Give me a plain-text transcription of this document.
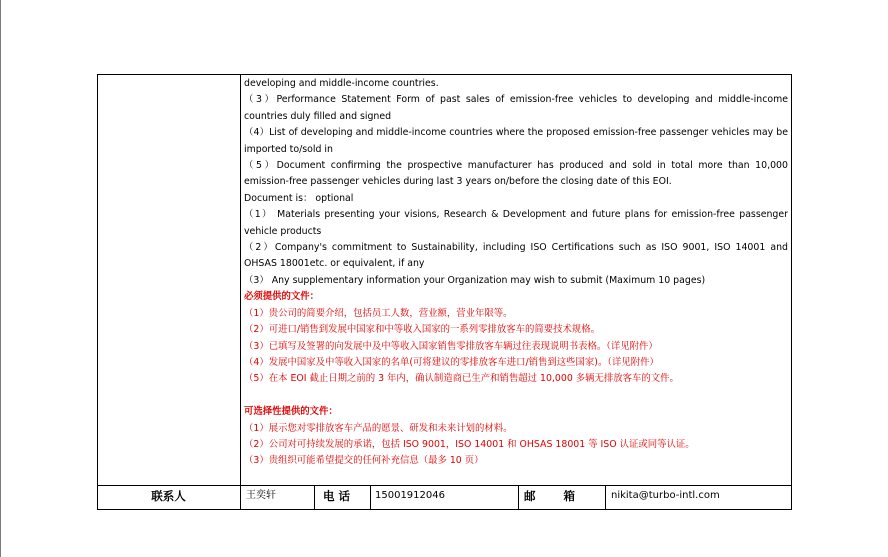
developing and middle-income countries.

（3）Performance Statement Form of past sales of emission-free vehicles to developing and middle-income countries duly filled and signed

（4）List of developing and middle-income countries where the proposed emission-free passenger vehicles may be imported to/sold in

（5）Document confirming the prospective manufacturer has produced and sold in total more than 10,000 emission-free passenger vehicles during last 3 years on/before the closing date of this EOI.

Document is： optional

（1） Materials presenting your visions, Research & Development and future plans for emission-free passenger vehicle products

（2）Company's commitment to Sustainability, including ISO Certifications such as ISO 9001, ISO 14001 and OHSAS 18001etc. or equivalent, if any

（3） Any supplementary information your Organization may wish to submit (Maximum 10 pages)

必须提供的文件：

（1）贵公司的简要介绍，包括员工人数，营业额，营业年限等。

（2）可进口/销售到发展中国家和中等收入国家的一系列零排放客车的简要技术规格。

（3）已填写及签署的向发展中及中等收入国家销售零排放客车辆过往表现说明书表格。（详见附件）

（4）发展中国家及中等收入国家的名单(可将建议的零排放客车进口/销售到这些国家)。（详见附件）

（5）在本 EOI 截止日期之前的 3 年内，确认制造商已生产和销售超过 10,000 多辆无排放客车的文件。

可选择性提供的文件：

（1）展示您对零排放客车产品的愿景、研发和未来计划的材料。

（2）公司对可持续发展的承诺，包括 ISO 9001，ISO 14001 和 OHSAS 18001 等 ISO 认证或同等认证。

（3）贵组织可能希望提交的任何补充信息（最多 10 页）

联系人	王奕轩	电 话 15001912046	邮       箱	nikita@turbo-intl.com
